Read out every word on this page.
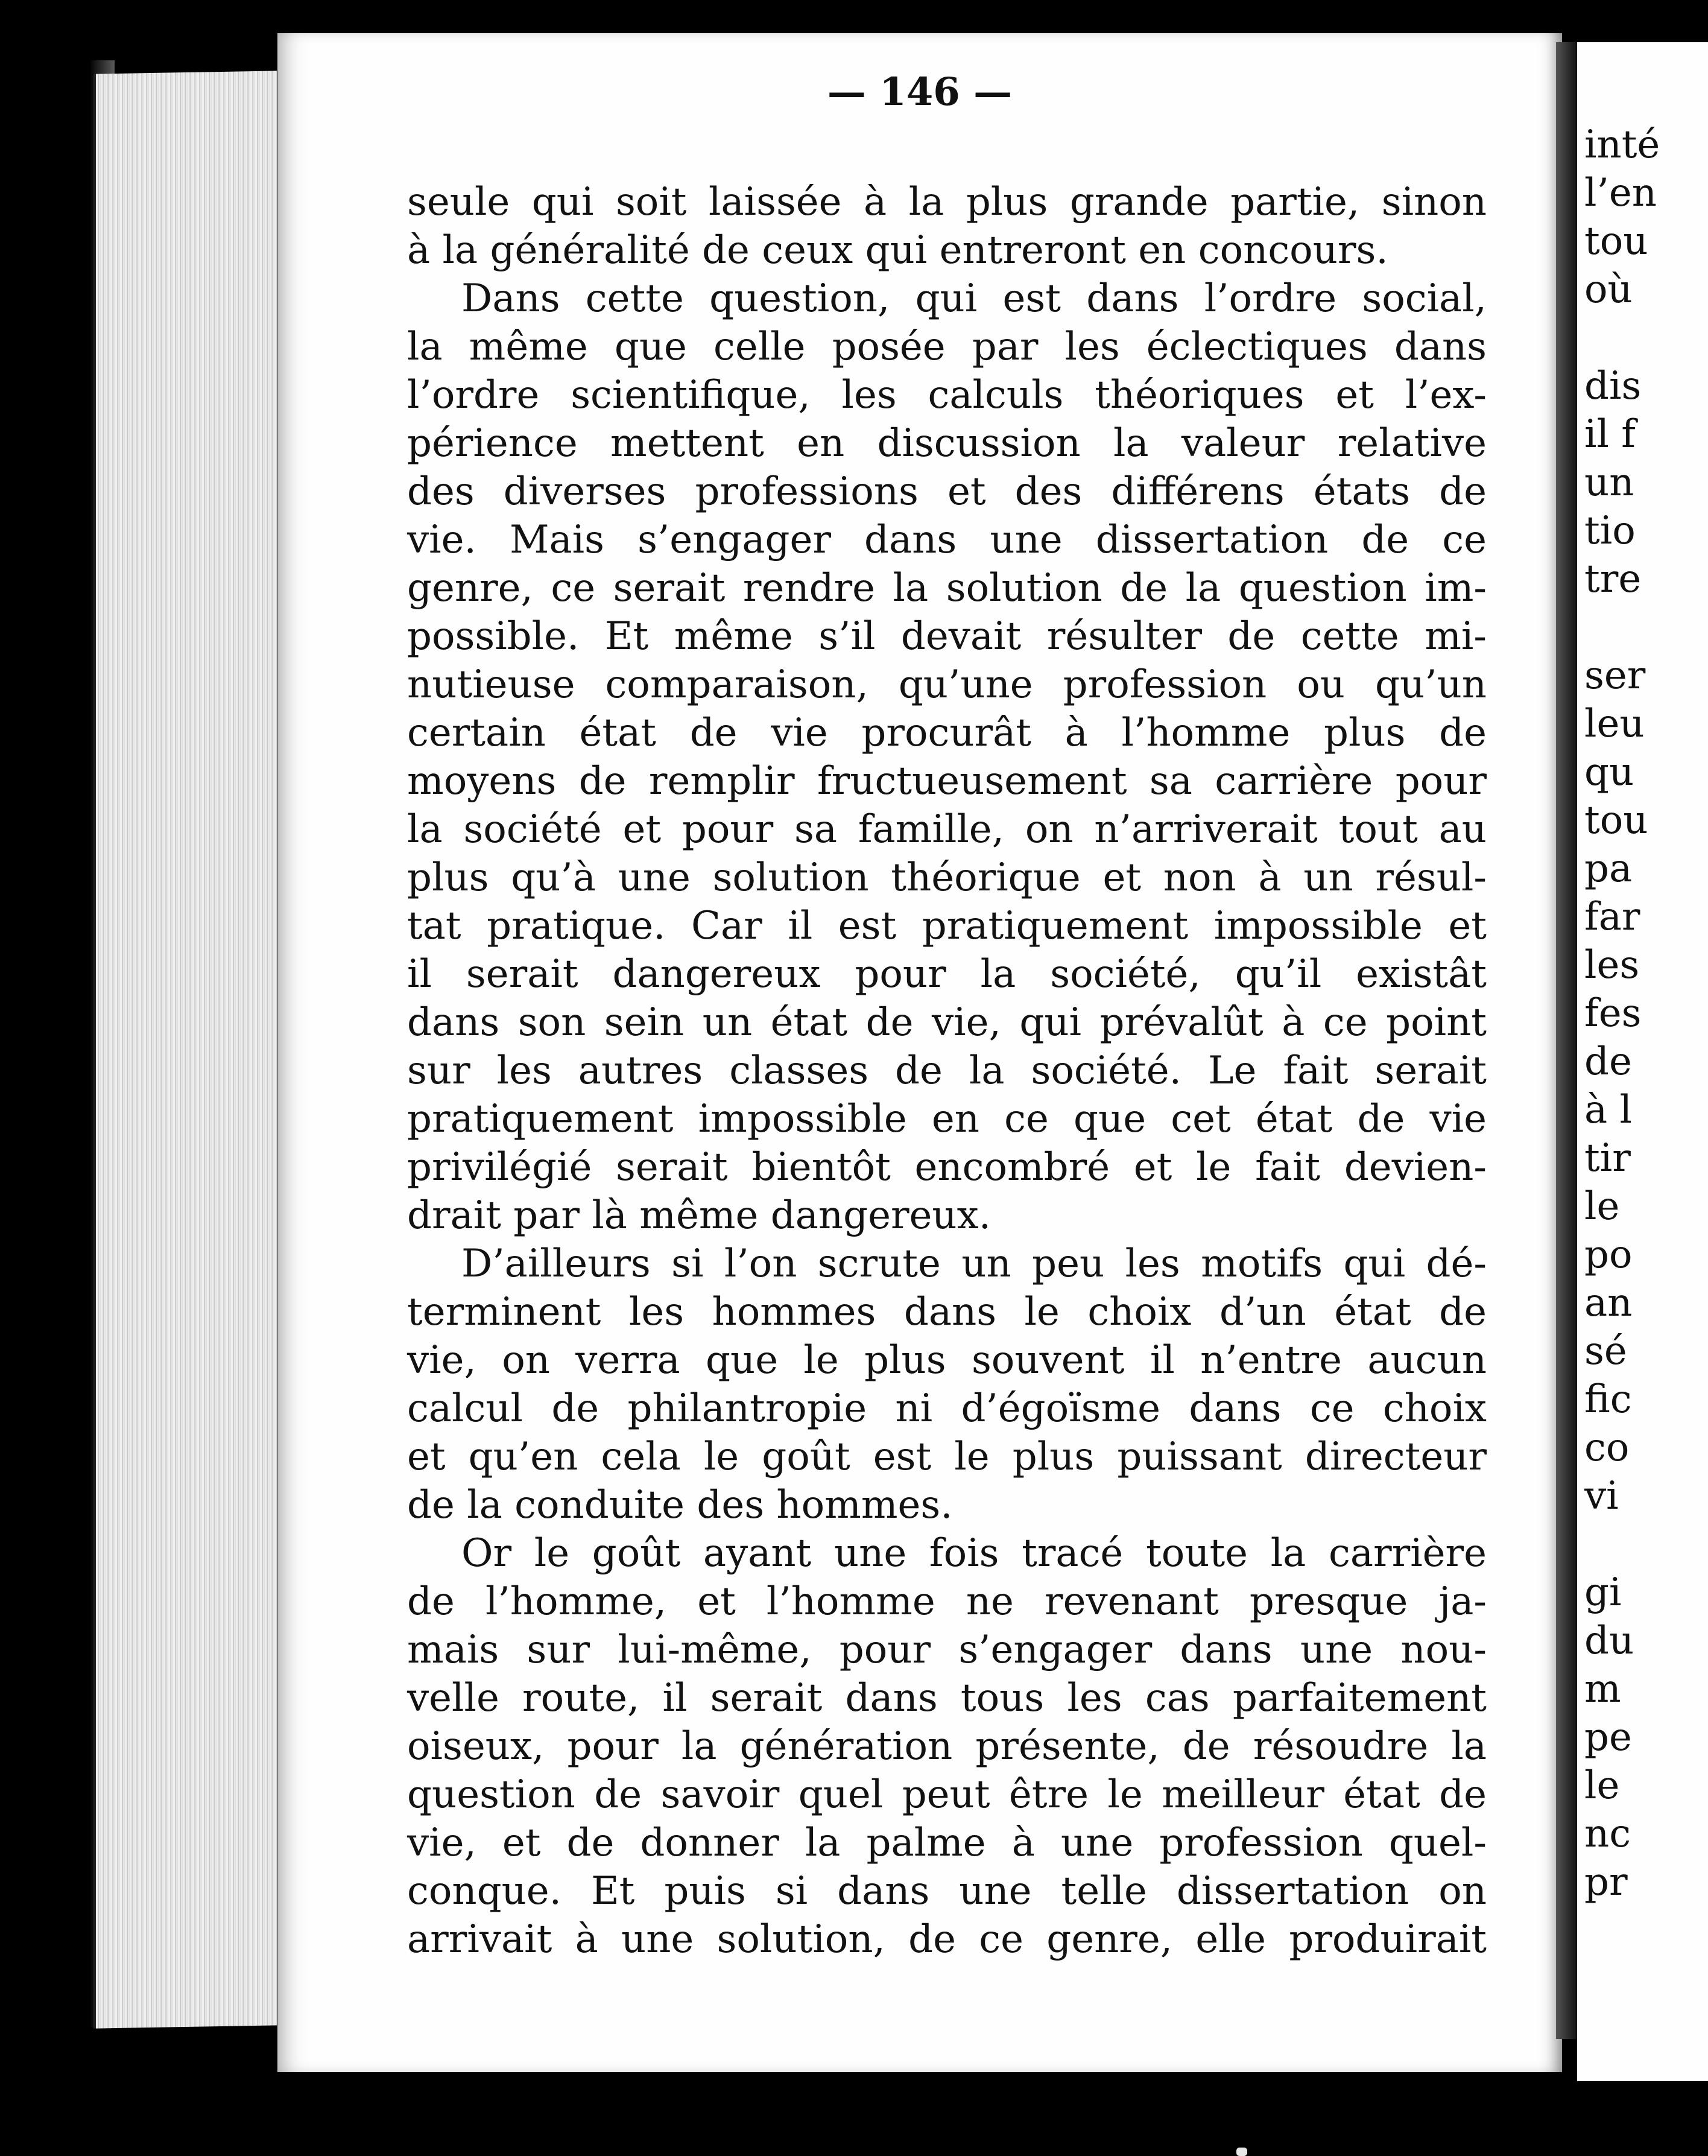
— 146 —
seule qui soit laissée à la plus grande partie, sinon
à la généralité de ceux qui entreront en concours.
Dans cette question, qui est dans l’ordre social,
la même que celle posée par les éclectiques dans
l’ordre scientifique, les calculs théoriques et l’ex-
périence mettent en discussion la valeur relative
des diverses professions et des différens états de
vie. Mais s’engager dans une dissertation de ce
genre, ce serait rendre la solution de la question im-
possible. Et même s’il devait résulter de cette mi-
nutieuse comparaison, qu’une profession ou qu’un
certain état de vie procurât à l’homme plus de
moyens de remplir fructueusement sa carrière pour
la société et pour sa famille, on n’arriverait tout au
plus qu’à une solution théorique et non à un résul-
tat pratique. Car il est pratiquement impossible et
il serait dangereux pour la société, qu’il existât
dans son sein un état de vie, qui prévalût à ce point
sur les autres classes de la société. Le fait serait
pratiquement impossible en ce que cet état de vie
privilégié serait bientôt encombré et le fait devien-
drait par là même dangereux.
D’ailleurs si l’on scrute un peu les motifs qui dé-
terminent les hommes dans le choix d’un état de
vie, on verra que le plus souvent il n’entre aucun
calcul de philantropie ni d’égoïsme dans ce choix
et qu’en cela le goût est le plus puissant directeur
de la conduite des hommes.
Or le goût ayant une fois tracé toute la carrière
de l’homme, et l’homme ne revenant presque ja-
mais sur lui-même, pour s’engager dans une nou-
velle route, il serait dans tous les cas parfaitement
oiseux, pour la génération présente, de résoudre la
question de savoir quel peut être le meilleur état de
vie, et de donner la palme à une profession quel-
conque. Et puis si dans une telle dissertation on
arrivait à une solution, de ce genre, elle produirait
inté
l’en
tou
où

dis
il f
un
tio
tre

ser
leu
qu
tou
pa
far
les
fes
de
à l
tir
le
po
an
sé
fic
co
vi

gi
du
m
pe
le
nc
pr
